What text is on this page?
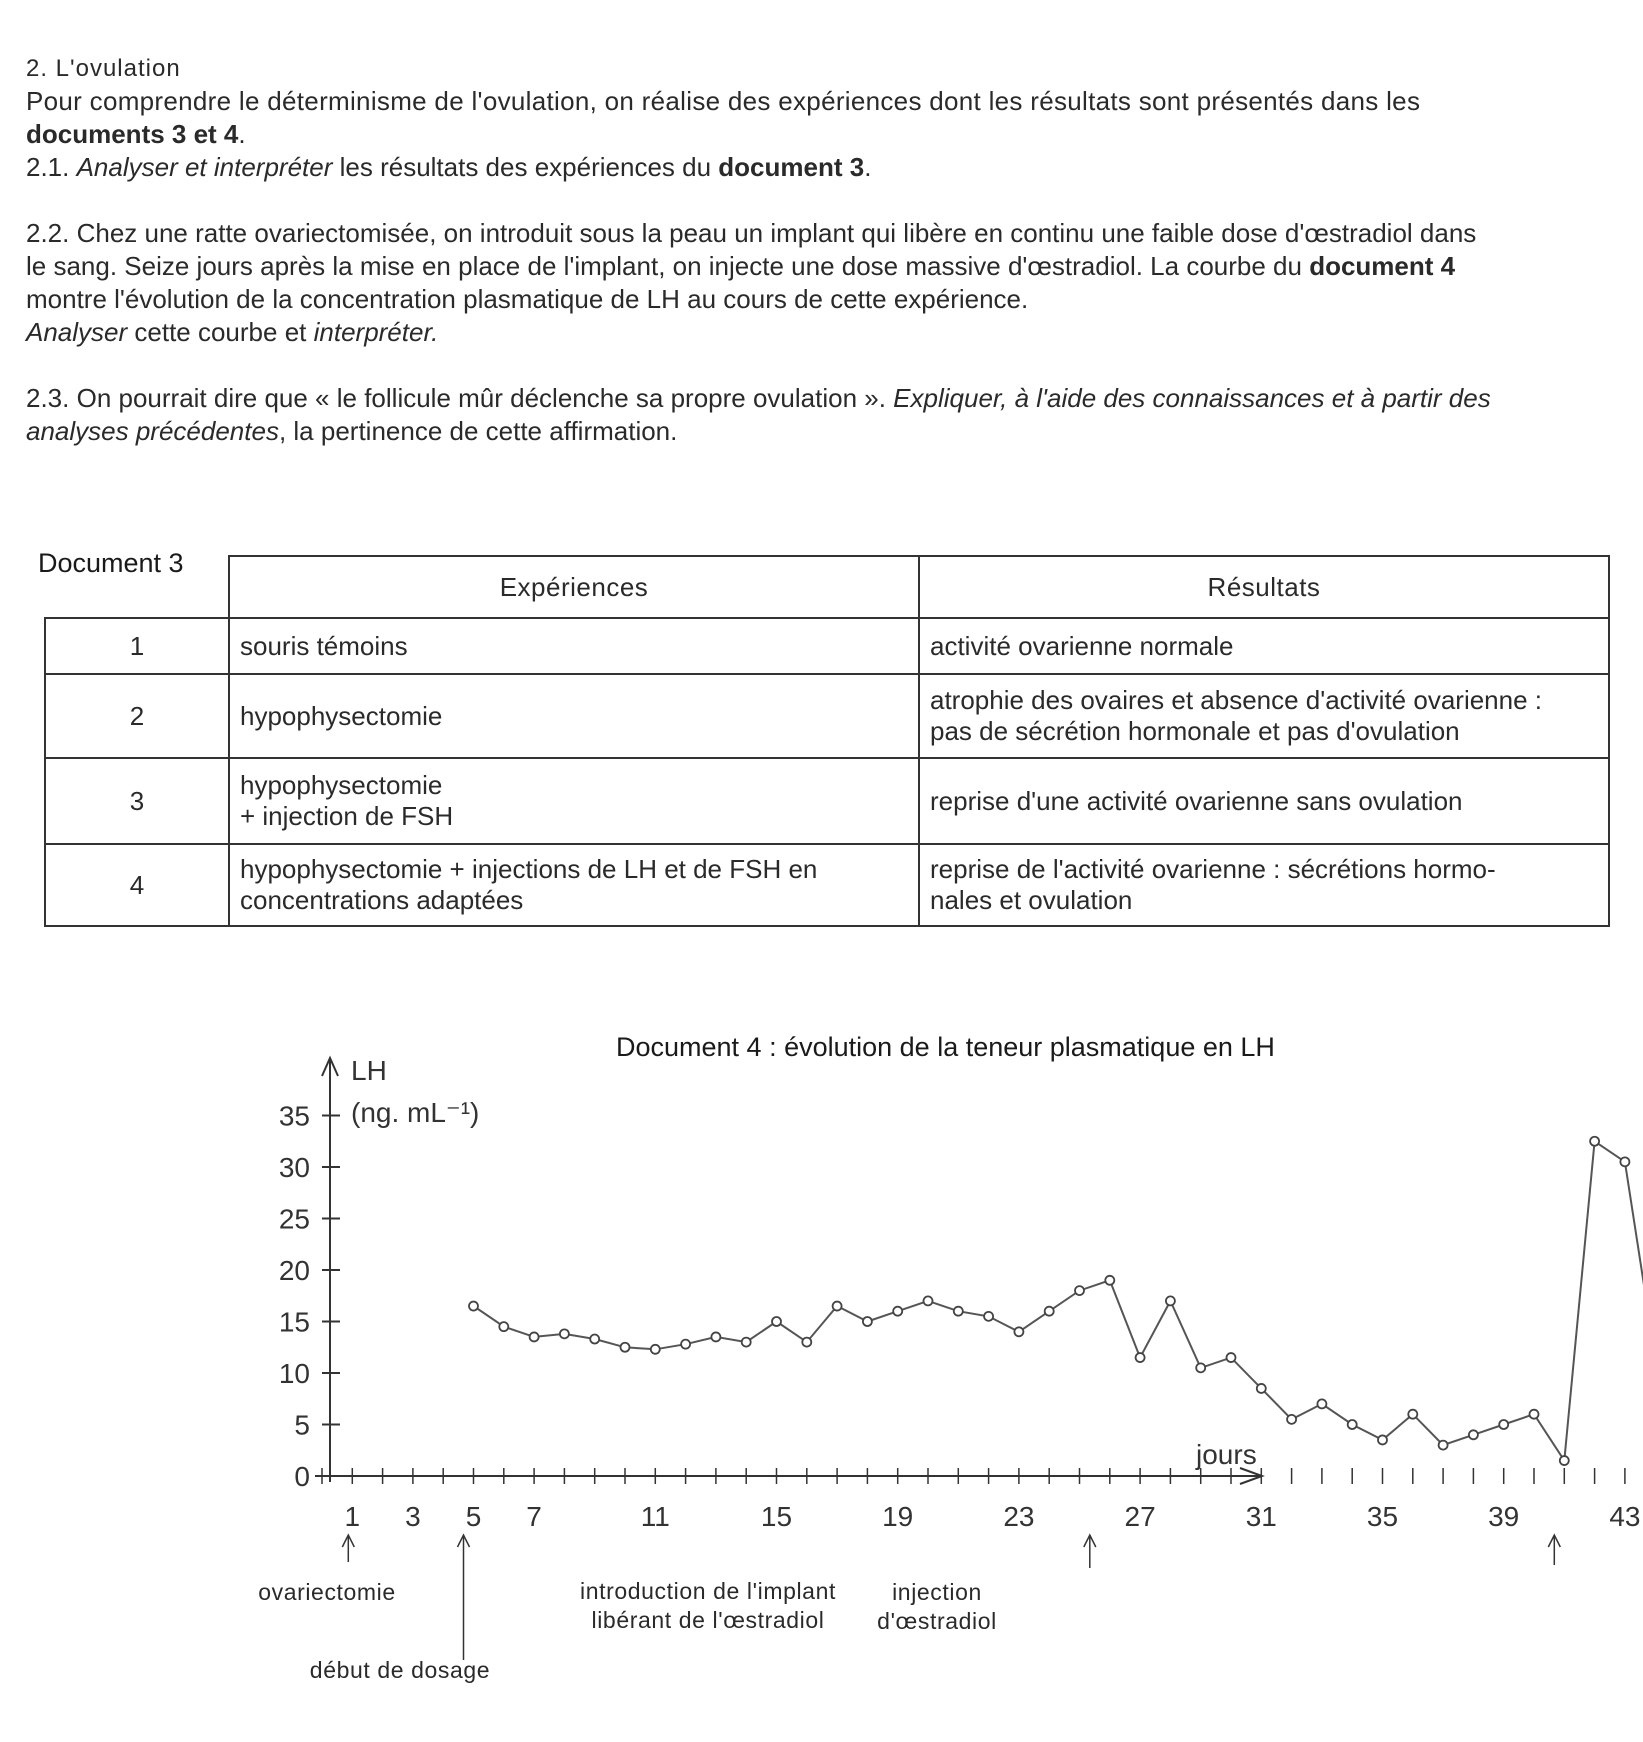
2. L'ovulation

Pour comprendre le déterminisme de l'ovulation, on réalise des expériences dont les résultats sont présentés dans les

documents 3 et 4.

2.1. Analyser et interpréter les résultats des expériences du document 3.

2.2. Chez une ratte ovariectomisée, on introduit sous la peau un implant qui libère en continu une faible dose d'œstradiol dans

le sang. Seize jours après la mise en place de l'implant, on injecte une dose massive d'œstradiol. La courbe du document 4

montre l'évolution de la concentration plasmatique de LH au cours de cette expérience.

Analyser cette courbe et interpréter.

2.3. On pourrait dire que « le follicule mûr déclenche sa propre ovulation ». Expliquer, à l'aide des connaissances et à partir des

analyses précédentes, la pertinence de cette affirmation.

Document 3
	Expériences	Résultats
1	souris témoins	activité ovarienne normale
2	hypophysectomie	atrophie des ovaires et absence d'activité ovarienne :
pas de sécrétion hormonale et pas d'ovulation
3	hypophysectomie
+ injection de FSH	reprise d'une activité ovarienne sans ovulation
4	hypophysectomie + injections de LH et de FSH en
concentrations adaptées	reprise de l'activité ovarienne : sécrétions hormo-
nales et ovulation
Document 4 : évolution de la teneur plasmatique en LH
LH
(ng. mL⁻¹)
jours
0
5
10
15
20
25
30
35
1 3 5 7	11	15	19	23	27	31	35	39	43
ovariectomie
début de dosage
introduction de l'implant
libérant de l'œstradiol
injection
d'œstradiol
